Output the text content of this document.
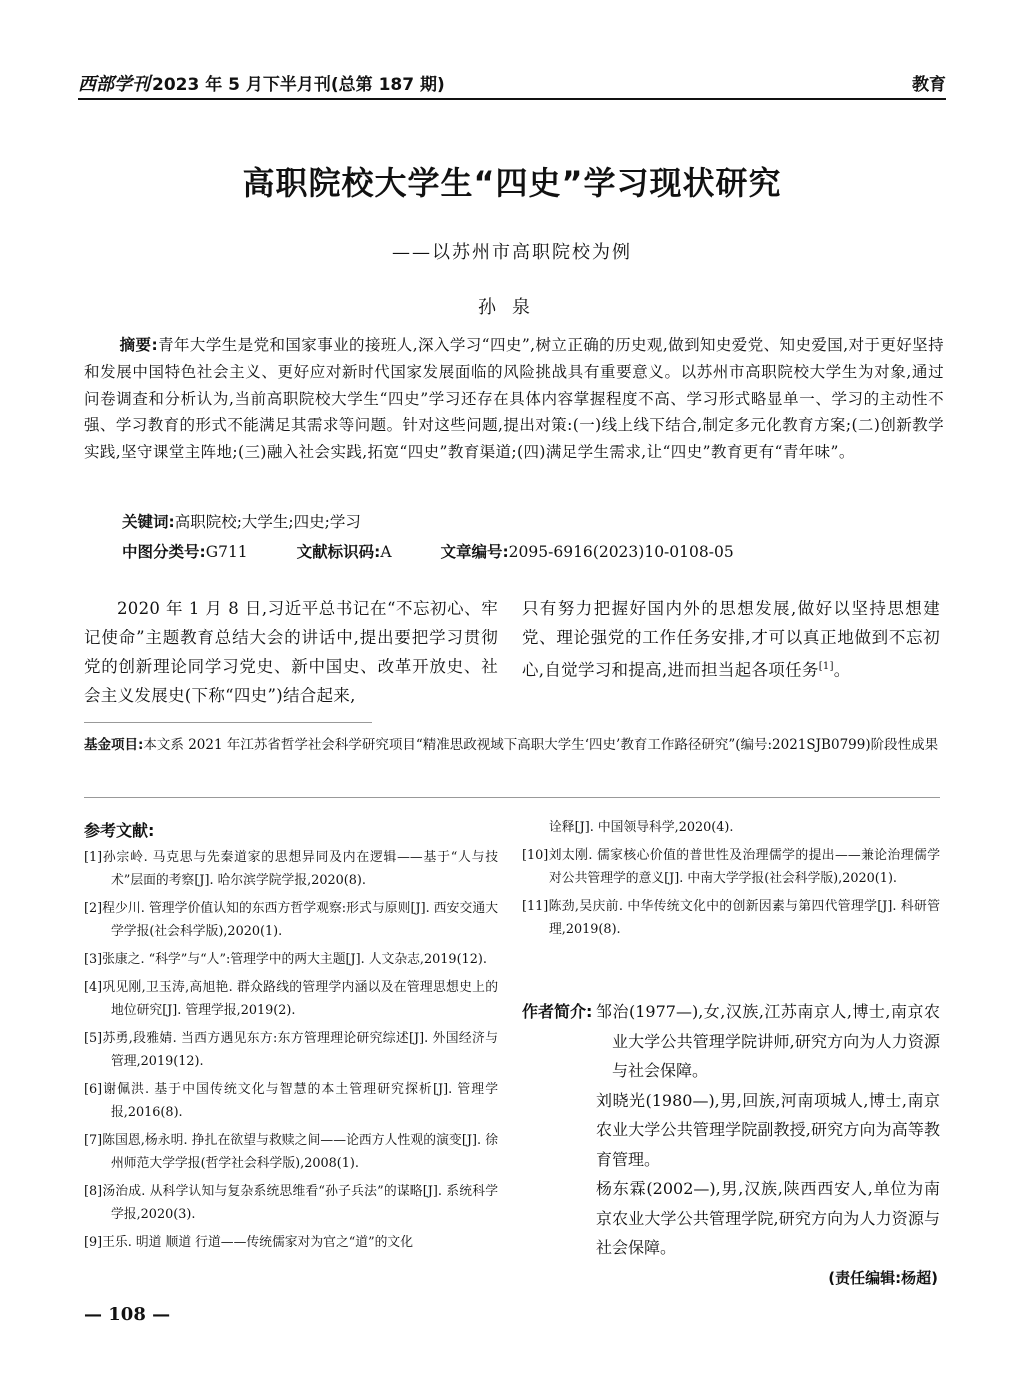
西部学刊 2023 年 5 月下半月刊(总第 187 期)	教育
高职院校大学生“四史”学习现状研究
——以苏州市高职院校为例
孙泉
摘要:青年大学生是党和国家事业的接班人,深入学习“四史”,树立正确的历史观,做到知史爱党、知史爱国,对于更好坚持和发展中国特色社会主义、更好应对新时代国家发展面临的风险挑战具有重要意义。以苏州市高职院校大学生为对象,通过问卷调查和分析认为,当前高职院校大学生“四史”学习还存在具体内容掌握程度不高、学习形式略显单一、学习的主动性不强、学习教育的形式不能满足其需求等问题。针对这些问题,提出对策:(一)线上线下结合,制定多元化教育方案;(二)创新教学实践,坚守课堂主阵地;(三)融入社会实践,拓宽“四史”教育渠道;(四)满足学生需求,让“四史”教育更有“青年味”。
关键词:高职院校;大学生;四史;学习
中图分类号:G711	文献标识码:A	文章编号:2095-6916(2023)10-0108-05
2020 年 1 月 8 日,习近平总书记在“不忘初心、牢记使命”主题教育总结大会的讲话中,提出要把学习贯彻党的创新理论同学习党史、新中国史、改革开放史、社会主义发展史(下称“四史”)结合起来,
只有努力把握好国内外的思想发展,做好以坚持思想建党、理论强党的工作任务安排,才可以真正地做到不忘初心,自觉学习和提高,进而担当起各项任务[1]。
基金项目:本文系 2021 年江苏省哲学社会科学研究项目“精准思政视域下高职大学生‘四史’教育工作路径研究”(编号:2021SJB0799)阶段性成果
参考文献:
[1]孙宗岭. 马克思与先秦道家的思想异同及内在逻辑——基于“人与技术”层面的考察[J]. 哈尔滨学院学报,2020(8).
[2]程少川. 管理学价值认知的东西方哲学观察:形式与原则[J]. 西安交通大学学报(社会科学版),2020(1).
[3]张康之. “科学”与“人”:管理学中的两大主题[J]. 人文杂志,2019(12).
[4]巩见刚,卫玉涛,高旭艳. 群众路线的管理学内涵以及在管理思想史上的地位研究[J]. 管理学报,2019(2).
[5]苏勇,段雅婧. 当西方遇见东方:东方管理理论研究综述[J]. 外国经济与管理,2019(12).
[6]谢佩洪. 基于中国传统文化与智慧的本土管理研究探析[J]. 管理学报,2016(8).
[7]陈国恩,杨永明. 挣扎在欲望与救赎之间——论西方人性观的演变[J]. 徐州师范大学学报(哲学社会科学版),2008(1).
[8]汤治成. 从科学认知与复杂系统思维看“孙子兵法”的谋略[J]. 系统科学学报,2020(3).
[9]王乐. 明道 顺道 行道——传统儒家对为官之“道”的文化
诠释[J]. 中国领导科学,2020(4).
[10]刘太刚. 儒家核心价值的普世性及治理儒学的提出——兼论治理儒学对公共管理学的意义[J]. 中南大学学报(社会科学版),2020(1).
[11]陈劲,吴庆前. 中华传统文化中的创新因素与第四代管理学[J]. 科研管理,2019(8).
作者简介: 邹治(1977—),女,汉族,江苏南京人,博士,南京农业大学公共管理学院讲师,研究方向为人力资源与社会保障。
刘晓光(1980—),男,回族,河南项城人,博士,南京农业大学公共管理学院副教授,研究方向为高等教育管理。
杨东霖(2002—),男,汉族,陕西西安人,单位为南京农业大学公共管理学院,研究方向为人力资源与社会保障。
(责任编辑:杨超)
— 108 —
